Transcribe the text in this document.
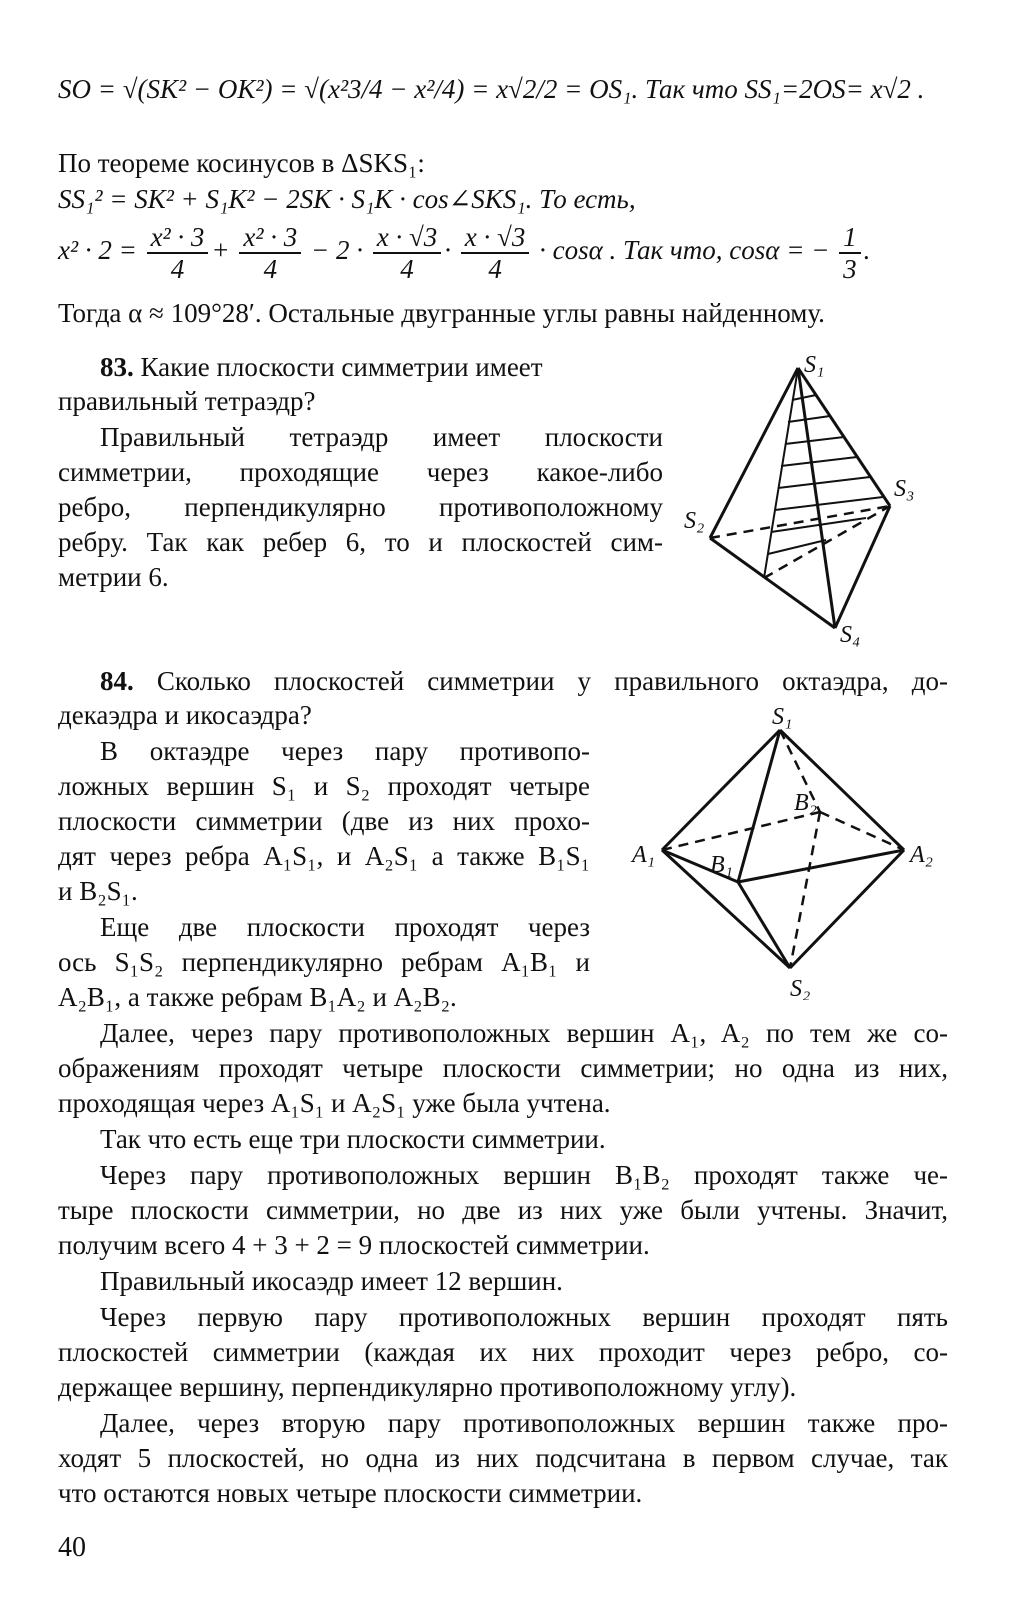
SO = √(SK² − OK²) = √(x²3/4 − x²/4) = x√2/2 = OS₁. Так что SS₁=2OS= x√2 .
По теореме косинусов в ΔSKS₁:
SS₁² = SK² + S₁K² − 2SK · S₁K · cos∠SKS₁. То есть,
$x^2 \cdot 2 = \frac{\text{x² · 3}}{4} + \frac{\text{x² · 3}}{4} - 2 \cdot \frac{x \cdot √3}{4} \cdot \frac{x \cdot √3}{4} \cdot \cos\alpha$ . Так что, cosα = − $\frac{1}{3}$ .
Тогда α ≈ 109°28′. Остальные двугранные углы равны найденному.
83. Какие плоскости симметрии имеет
правильный тетраэдр?
Правильный тетраэдр имеет плоскости
симметрии, проходящие через какое-либо
ребро, перпендикулярно противоположному
ребру. Так как ребер 6, то и плоскостей сим-
метрии 6.
S₁
S₂
S₃
S₄
84. Сколько плоскостей симметрии у правильного октаэдра, до-
декаэдра и икосаэдра?
В октаэдре через пару противопо-
ложных вершин S₁ и S₂ проходят четыре
плоскости симметрии (две из них прохо-
дят через ребра A₁S₁, и A₂S₁ а также B₁S₁
и B₂S₁.
Еще две плоскости проходят через
ось S₁S₂ перпендикулярно ребрам A₁B₁ и
A₂B₁, а также ребрам B₁A₂ и A₂B₂.
S₁
S₂
A₁	A₂
B₁
B₂
Далее, через пару противоположных вершин A₁, A₂ по тем же со-
ображениям проходят четыре плоскости симметрии; но одна из них,
проходящая через A₁S₁ и A₂S₁ уже была учтена.
Так что есть еще три плоскости симметрии.
Через пару противоположных вершин B₁B₂ проходят также че-
тыре плоскости симметрии, но две из них уже были учтены. Значит,
получим всего 4 + 3 + 2 = 9 плоскостей симметрии.
Правильный икосаэдр имеет 12 вершин.
Через первую пару противоположных вершин проходят пять
плоскостей симметрии (каждая их них проходит через ребро, со-
держащее вершину, перпендикулярно противоположному углу).
Далее, через вторую пару противоположных вершин также про-
ходят 5 плоскостей, но одна из них подсчитана в первом случае, так
что остаются новых четыре плоскости симметрии.
40
